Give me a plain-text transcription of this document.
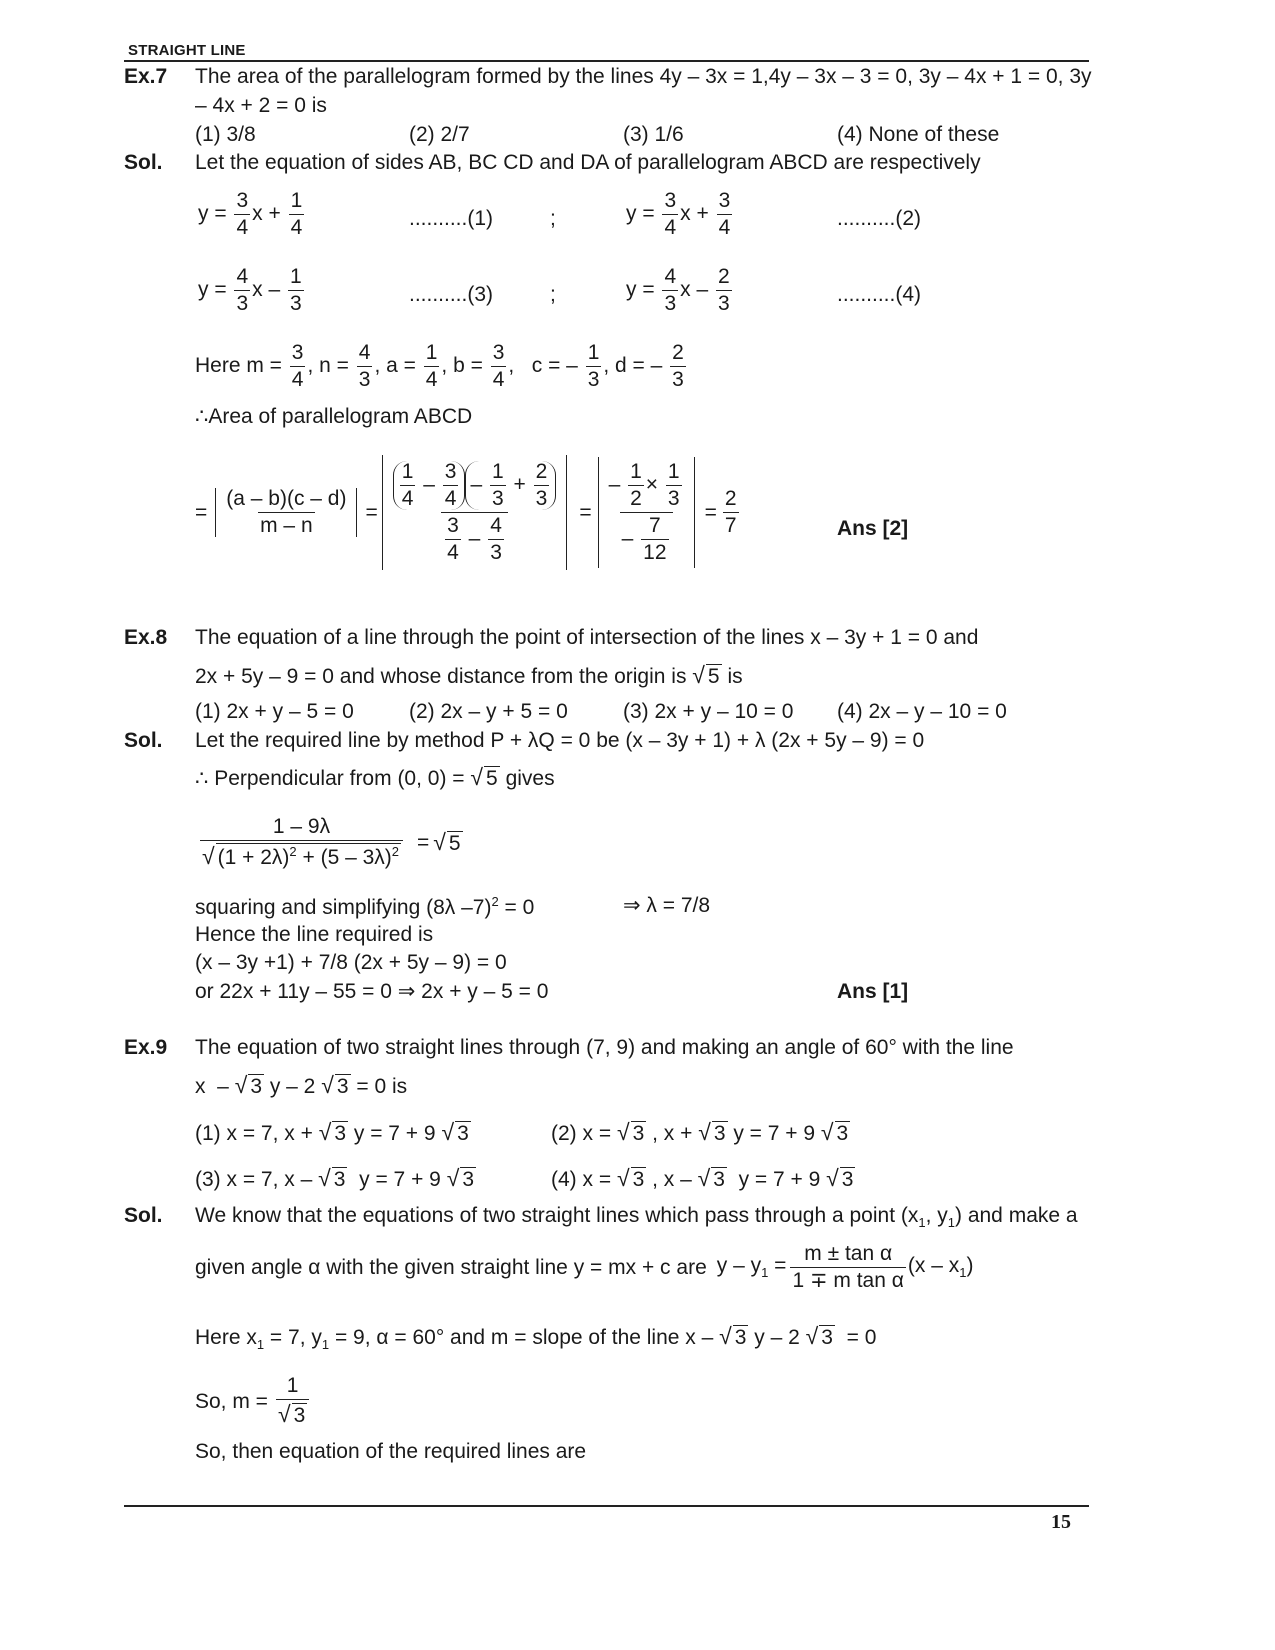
STRAIGHT LINE
Ex.7 The area of the parallelogram formed by the lines 4y – 3x = 1,4y – 3x – 3 = 0, 3y – 4x + 1 = 0, 3y
– 4x + 2 = 0 is
(1) 3/8	(2) 2/7	(3) 1/6	(4) None of these
Sol. Let the equation of sides AB, BC CD and DA of parallelogram ABCD are respectively
$y = \frac{3}{4}$ $x + \frac{1}{4}$	..........(1)	;	$y = \frac{3}{4}$ $x + \frac{3}{4}$	..........(2)
$y = \frac{4}{3}$ x – $\frac{1}{3}$	..........(3)	;	$y = \frac{4}{3}$ x – $\frac{2}{3}$	..........(4)
Here $m = \frac{3}{4}$ , $n = \frac{4}{3}$ , $a = \frac{1}{4}$ , $b = \frac{3}{4}$ ,   c = – $\frac{1}{3}$ , d = – $\frac{2}{3}$
∴Area of parallelogram ABCD
= $\frac{(a - b)(c - d)}{m - n} = \frac{\frac{1}{4} - \frac{3}{4} - \frac{1}{3} + \frac{2}{3}}{\frac{3}{4} - \frac{4}{3}} = \frac{- \frac{1}{2} \times \frac{1}{3}}{- \frac{7}{12}} = \frac{2}{7}$	Ans [2]
Ex.8 The equation of a line through the point of intersection of the lines x – 3y + 1 = 0 and
2x + 5y – 9 = 0 and whose distance from the origin is √ 5 is
(1) 2x + y – 5 = 0	(2) 2x – y + 5 = 0	(3) 2x + y – 10 = 0 (4) 2x – y – 10 = 0
Sol. Let the required line by method P + λQ = 0 be (x – 3y + 1) + λ (2x + 5y – 9) = 0
∴ Perpendicular from (0, 0) = √ 5 gives
$\frac{1 - 9\lambda}{√ (1 + 2\lambda)^2 + (5 - 3\lambda)^2}$ = √ 5
squaring and simplifying (8λ –7)$^2$ = 0	⇒ λ = 7/8
Hence the line required is
(x – 3y +1) + 7/8 (2x + 5y – 9) = 0
or 22x + 11y – 55 = 0 ⇒ 2x + y – 5 = 0	Ans [1]
Ex.9 The equation of two straight lines through (7, 9) and making an angle of 60° with the line
x  – √ 3 y – 2 √ 3 = 0 is
(1) x = 7, x + √ 3 y = 7 + 9 √ 3	(2) x = √ 3 , x + √ 3 y = 7 + 9 √ 3
(3) x = 7, x – √ 3  y = 7 + 9 √ 3	(4) x = √ 3 , x – √ 3  y = 7 + 9 √ 3
Sol. We know that the equations of two straight lines which pass through a point ($x_1$, $y_1$) and make a
given angle α with the given straight line y = mx + c are $y - y_1 = \frac{\text{m ± tan α}}{\text{1 ∓ m tan α}} (x - x_1)$
Here $x_1 = 7$, $y_1 = 9$, α = 60° and m = slope of the line x – √ 3 y – 2 √ 3  = 0
So, $m = \frac{1}{√ 3}$
So, then equation of the required lines are
15
